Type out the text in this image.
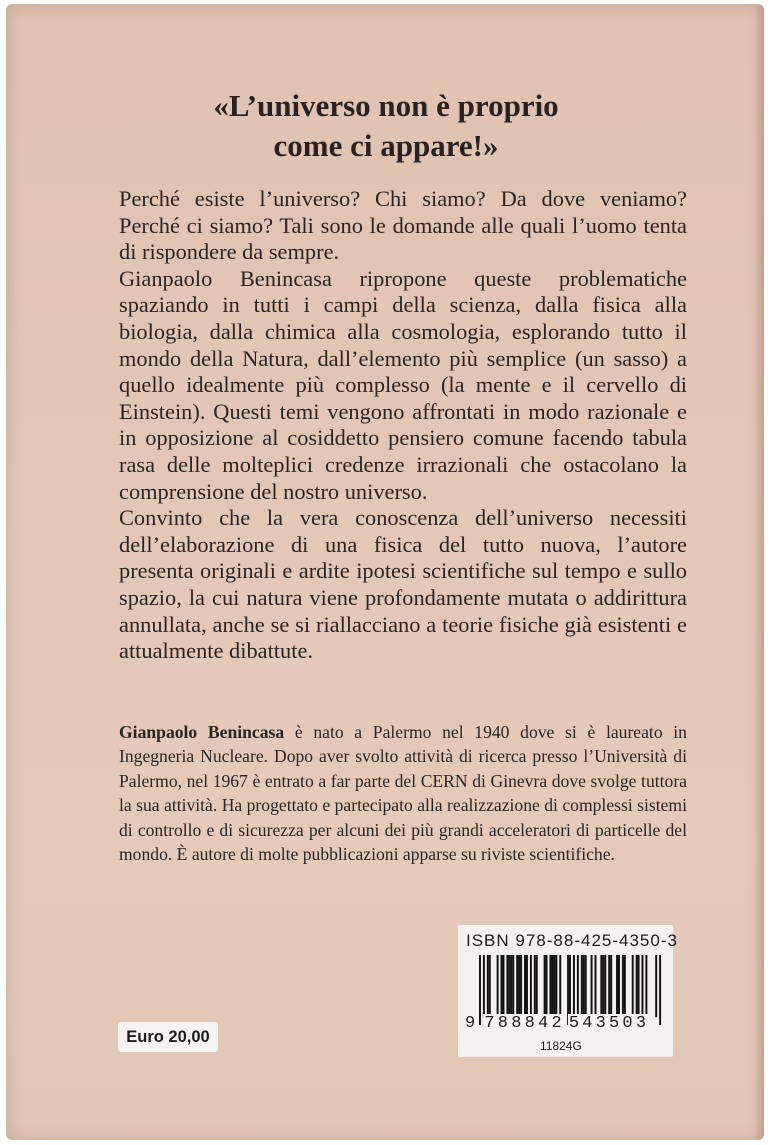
«L’universo non è proprio
come ci appare!»

Perché esiste l’universo? Chi siamo? Da dove veniamo? Perché ci siamo? Tali sono le domande alle quali l’uomo tenta di rispondere da sempre.

Gianpaolo Benincasa ripropone queste problematiche spaziando in tutti i campi della scienza, dalla fisica alla biologia, dalla chimica alla cosmologia, esplorando tutto il mondo della Natura, dall’elemento più semplice (un sasso) a quello idealmente più complesso (la mente e il cervello di Einstein). Questi temi vengono affrontati in modo razionale e in opposizione al cosiddetto pensiero comune facendo tabula rasa delle molteplici credenze irrazionali che ostacolano la comprensione del nostro universo.

Convinto che la vera conoscenza dell’universo necessiti dell’elaborazione di una fisica del tutto nuova, l’autore presenta originali e ardite ipotesi scientifiche sul tempo e sullo spazio, la cui natura viene profondamente mutata o addirittura annullata, anche se si riallacciano a teorie fisiche già esistenti e attualmente dibattute.

Gianpaolo Benincasa è nato a Palermo nel 1940 dove si è laureato in Ingegneria Nucleare. Dopo aver svolto attività di ricerca presso l’Università di Palermo, nel 1967 è entrato a far parte del CERN di Ginevra dove svolge tuttora la sua attività. Ha progettato e partecipato alla realizzazione di complessi sistemi di controllo e di sicurezza per alcuni dei più grandi acceleratori di particelle del mondo. È autore di molte pubblicazioni apparse su riviste scientifiche.

ISBN 978-88-425-4350-3
9 788842 543503
11824G
Euro 20,00
